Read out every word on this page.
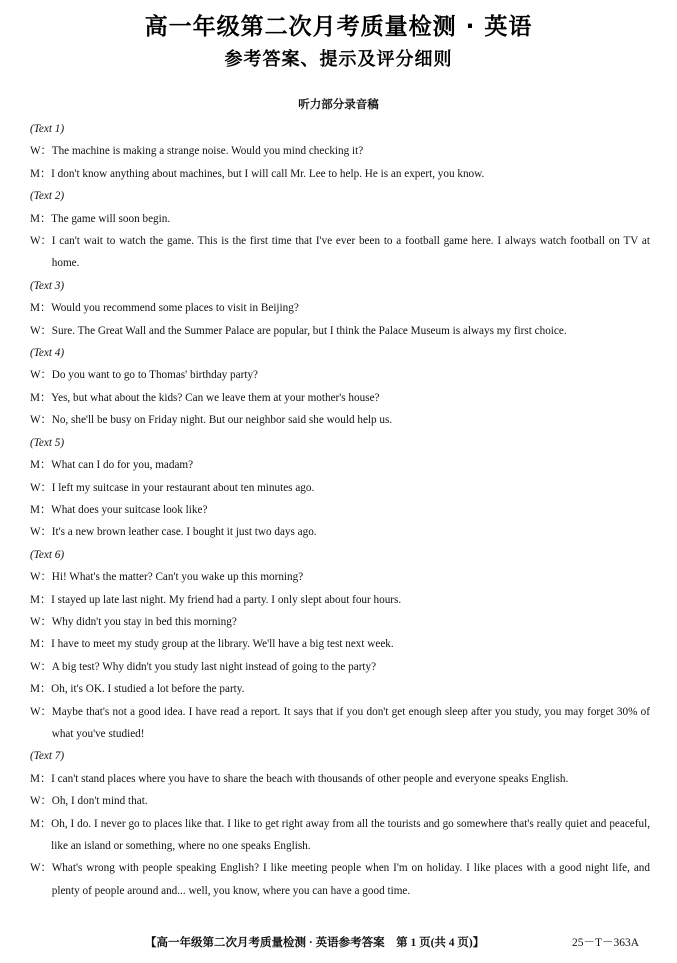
高一年级第二次月考质量检测 · 英语
参考答案、提示及评分细则
听力部分录音稿
(Text 1)
W： The machine is making a strange noise. Would you mind checking it?
M： I don't know anything about machines, but I will call Mr. Lee to help. He is an expert, you know.
(Text 2)
M： The game will soon begin.
W： I can't wait to watch the game. This is the first time that I've ever been to a football game here. I always watch football on TV at home.
(Text 3)
M： Would you recommend some places to visit in Beijing?
W： Sure. The Great Wall and the Summer Palace are popular, but I think the Palace Museum is always my first choice.
(Text 4)
W： Do you want to go to Thomas' birthday party?
M： Yes, but what about the kids? Can we leave them at your mother's house?
W： No, she'll be busy on Friday night. But our neighbor said she would help us.
(Text 5)
M： What can I do for you, madam?
W： I left my suitcase in your restaurant about ten minutes ago.
M： What does your suitcase look like?
W： It's a new brown leather case. I bought it just two days ago.
(Text 6)
W： Hi! What's the matter? Can't you wake up this morning?
M： I stayed up late last night. My friend had a party. I only slept about four hours.
W： Why didn't you stay in bed this morning?
M： I have to meet my study group at the library. We'll have a big test next week.
W： A big test? Why didn't you study last night instead of going to the party?
M： Oh, it's OK. I studied a lot before the party.
W： Maybe that's not a good idea. I have read a report. It says that if you don't get enough sleep after you study, you may forget 30% of what you've studied!
(Text 7)
M： I can't stand places where you have to share the beach with thousands of other people and everyone speaks English.
W： Oh, I don't mind that.
M： Oh, I do. I never go to places like that. I like to get right away from all the tourists and go somewhere that's really quiet and peaceful, like an island or something, where no one speaks English.
W： What's wrong with people speaking English? I like meeting people when I'm on holiday. I like places with a good night life, and plenty of people around and... well, you know, where you can have a good time.
【高一年级第二次月考质量检测 · 英语参考答案　第 1 页(共 4 页)】	25－T－363A
